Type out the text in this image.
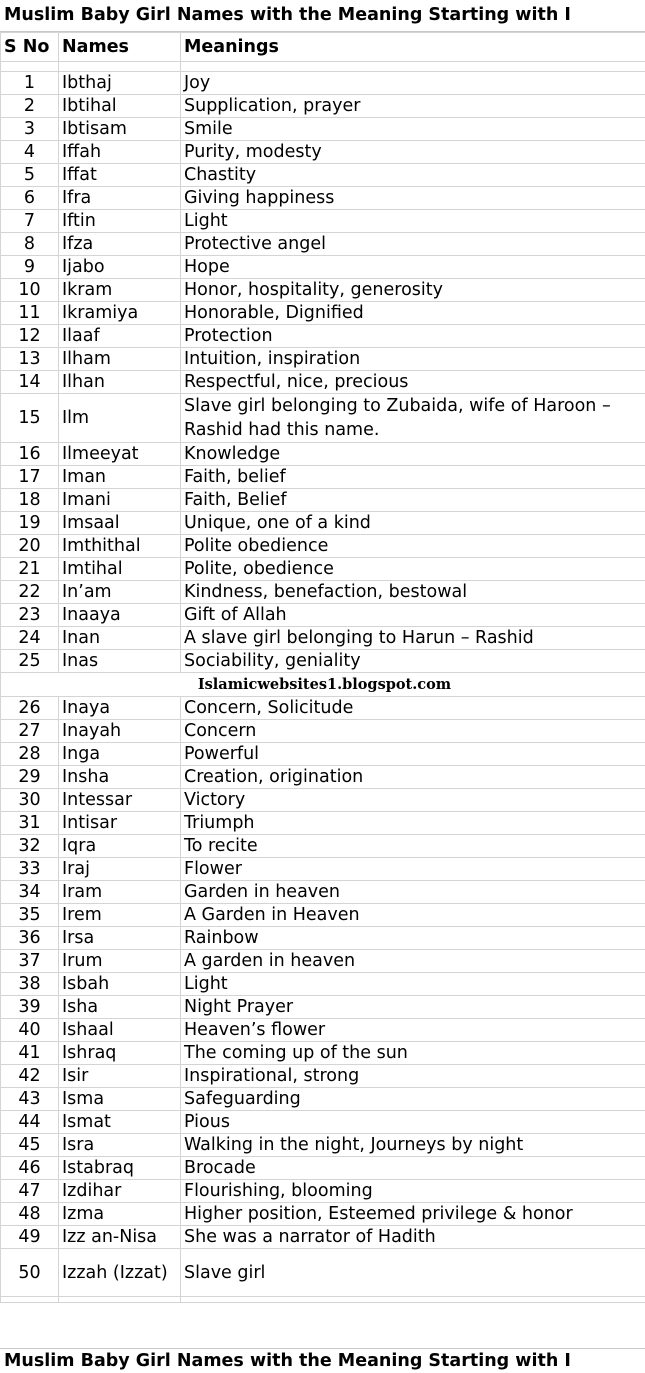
Muslim Baby Girl Names with the Meaning Starting with I
S No	Names	Meanings

1	Ibthaj	Joy
2	Ibtihal	Supplication, prayer
3	Ibtisam	Smile
4	Iffah	Purity, modesty
5	Iffat	Chastity
6	Ifra	Giving happiness
7	Iftin	Light
8	Ifza	Protective angel
9	Ijabo	Hope
10	Ikram	Honor, hospitality, generosity
11	Ikramiya	Honorable, Dignified
12	Ilaaf	Protection
13	Ilham	Intuition, inspiration
14	Ilhan	Respectful, nice, precious
15	Ilm	Slave girl belonging to Zubaida, wife of Haroon – Rashid had this name.
16	Ilmeeyat	Knowledge
17	Iman	Faith, belief
18	Imani	Faith, Belief
19	Imsaal	Unique, one of a kind
20	Imthithal	Polite obedience
21	Imtihal	Polite, obedience
22	In’am	Kindness, benefaction, bestowal
23	Inaaya	Gift of Allah
24	Inan	A slave girl belonging to Harun – Rashid
25	Inas	Sociability, geniality
Islamicwebsites1.blogspot.com		
26	Inaya	Concern, Solicitude
27	Inayah	Concern
28	Inga	Powerful
29	Insha	Creation, origination
30	Intessar	Victory
31	Intisar	Triumph
32	Iqra	To recite
33	Iraj	Flower
34	Iram	Garden in heaven
35	Irem	A Garden in Heaven
36	Irsa	Rainbow
37	Irum	A garden in heaven
38	Isbah	Light
39	Isha	Night Prayer
40	Ishaal	Heaven’s flower
41	Ishraq	The coming up of the sun
42	Isir	Inspirational, strong
43	Isma	Safeguarding
44	Ismat	Pious
45	Isra	Walking in the night, Journeys by night
46	Istabraq	Brocade
47	Izdihar	Flourishing, blooming
48	Izma	Higher position, Esteemed privilege & honor
49	Izz an-Nisa	She was a narrator of Hadith
50	Izzah (Izzat)	Slave girl

Muslim Baby Girl Names with the Meaning Starting with I
